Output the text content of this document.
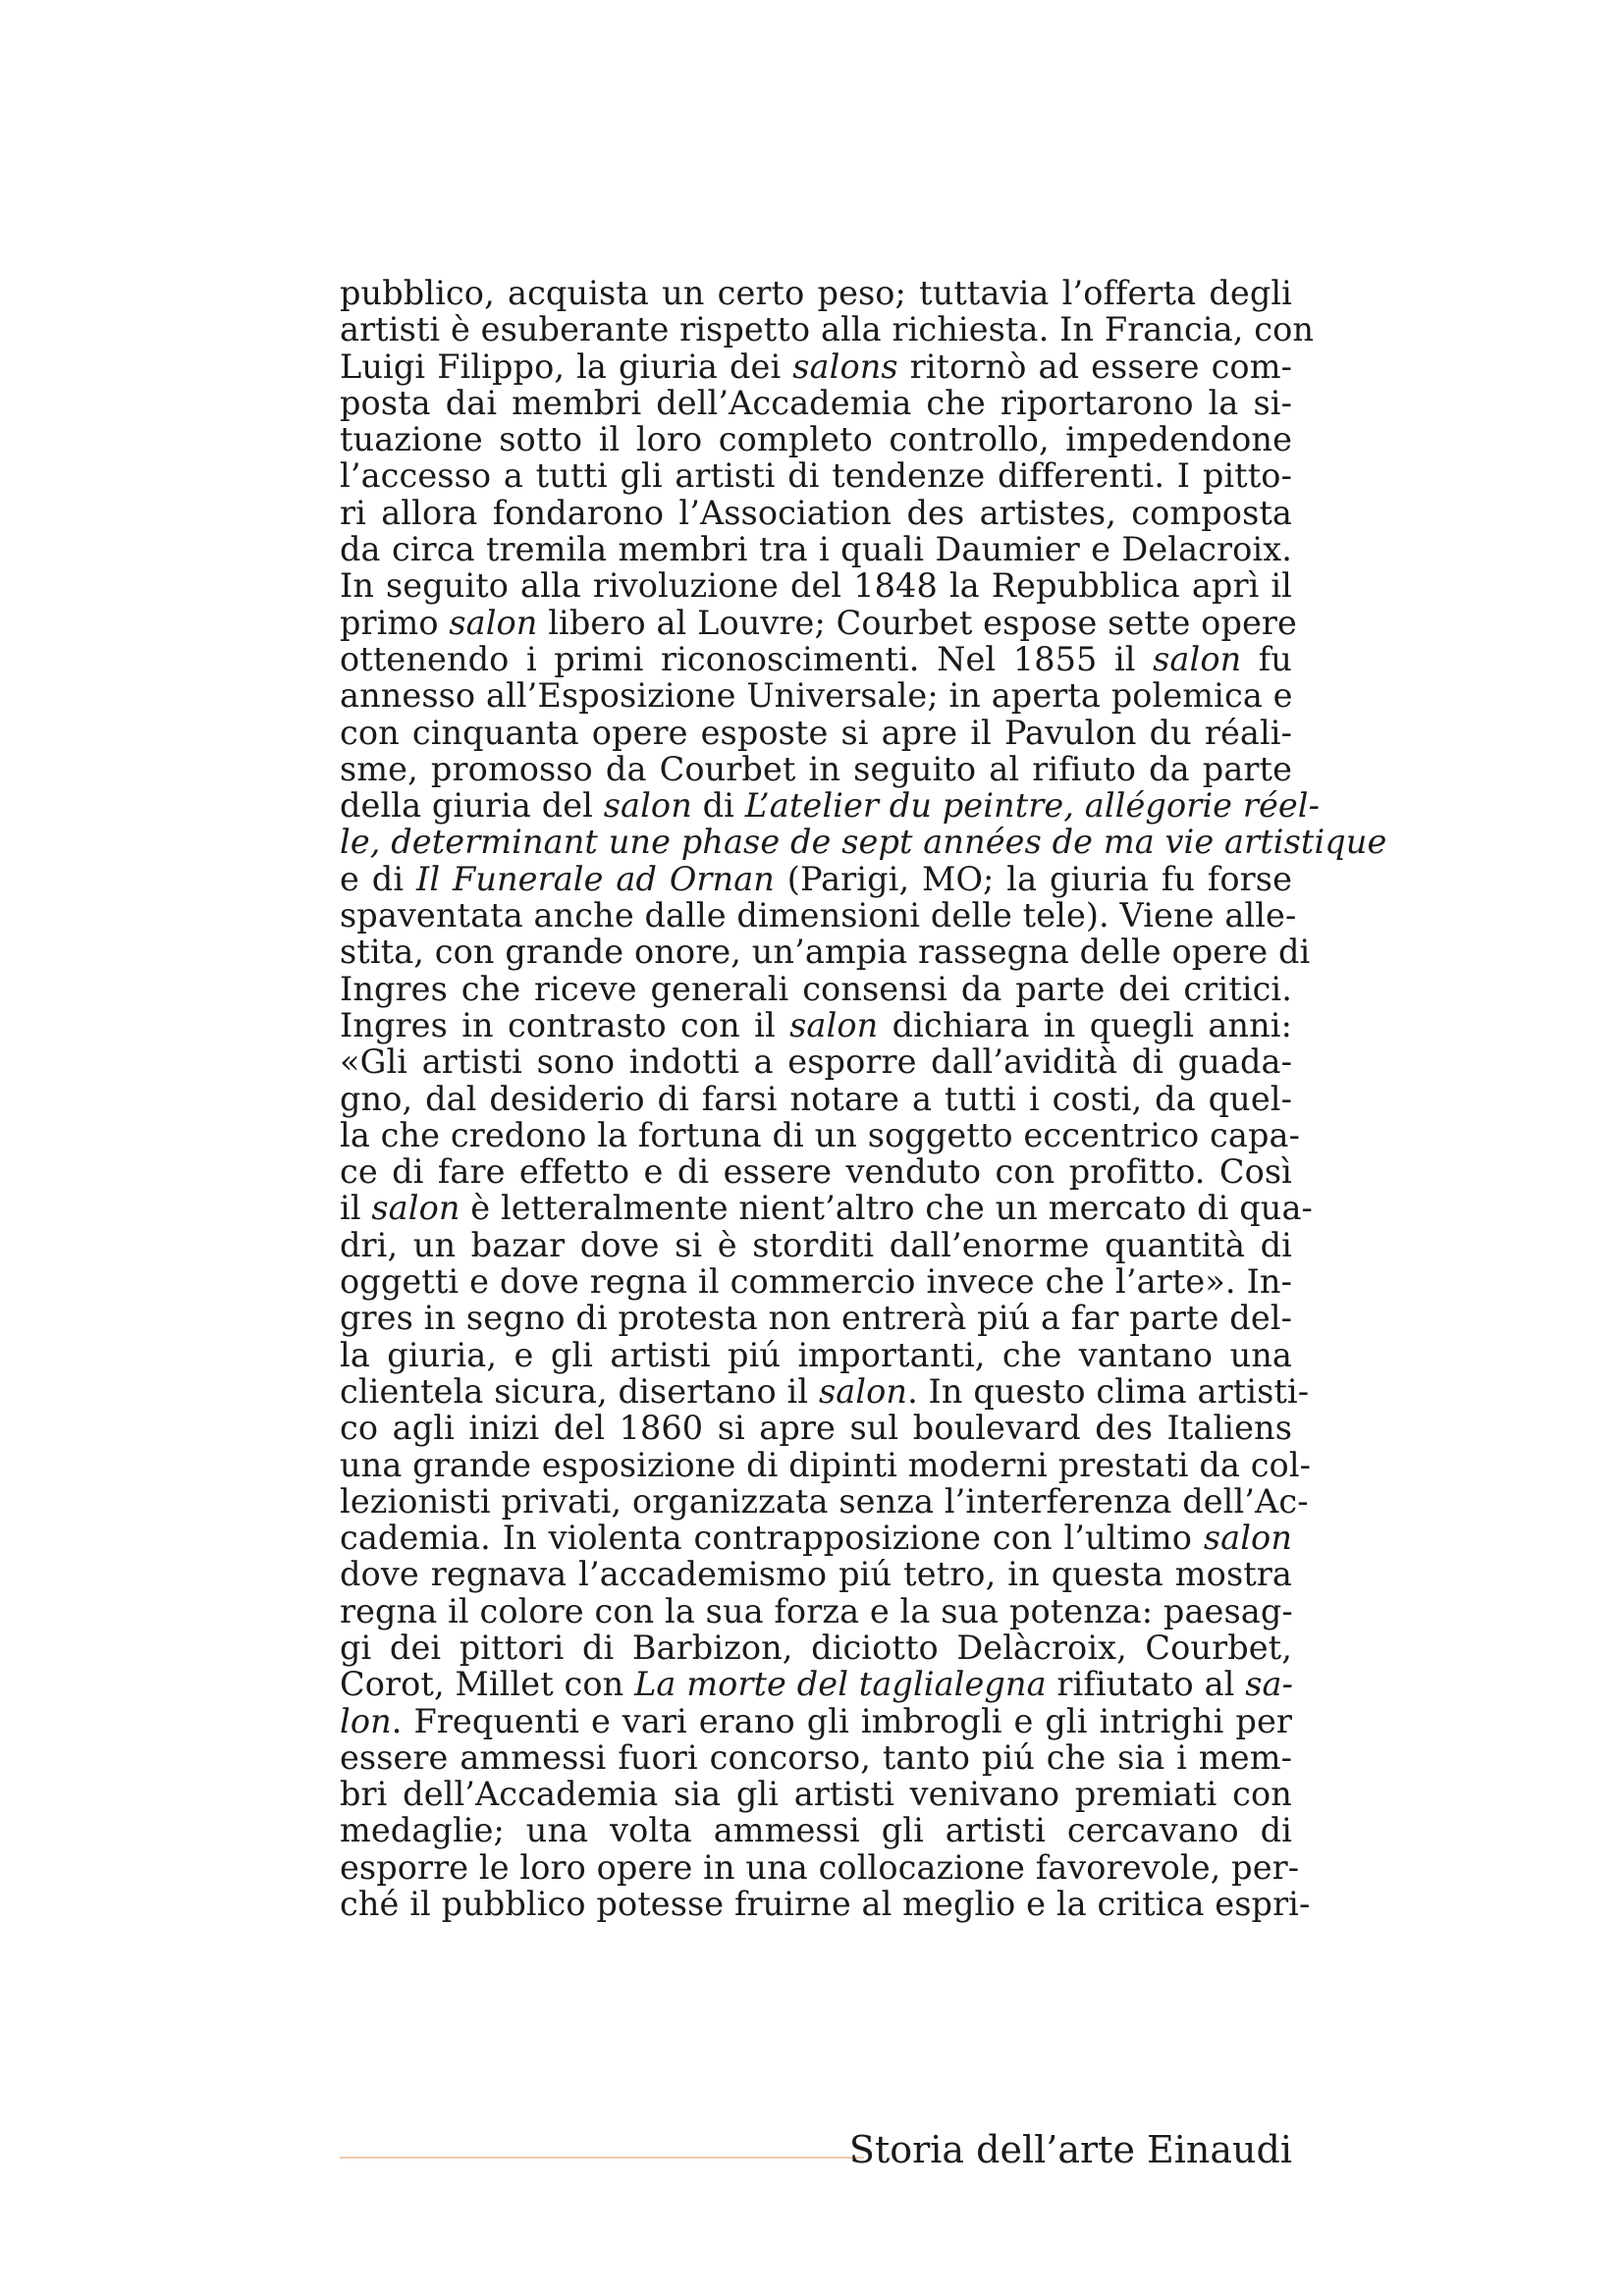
pubblico, acquista un certo peso; tuttavia l’offerta degli
artisti è esuberante rispetto alla richiesta. In Francia, con
Luigi Filippo, la giuria dei salons ritornò ad essere com-
posta dai membri dell’Accademia che riportarono la si-
tuazione sotto il loro completo controllo, impedendone
l’accesso a tutti gli artisti di tendenze differenti. I pitto-
ri allora fondarono l’Association des artistes, composta
da circa tremila membri tra i quali Daumier e Delacroix.
In seguito alla rivoluzione del 1848 la Repubblica aprì il
primo salon libero al Louvre; Courbet espose sette opere
ottenendo i primi riconoscimenti. Nel 1855 il salon fu
annesso all’Esposizione Universale; in aperta polemica e
con cinquanta opere esposte si apre il Pavulon du réali-
sme, promosso da Courbet in seguito al rifiuto da parte
della giuria del salon di L’atelier du peintre, allégorie réel-
le, determinant une phase de sept années de ma vie artistique
e di Il Funerale ad Ornan (Parigi, MO; la giuria fu forse
spaventata anche dalle dimensioni delle tele). Viene alle-
stita, con grande onore, un’ampia rassegna delle opere di
Ingres che riceve generali consensi da parte dei critici.
Ingres in contrasto con il salon dichiara in quegli anni:
«Gli artisti sono indotti a esporre dall’avidità di guada-
gno, dal desiderio di farsi notare a tutti i costi, da quel-
la che credono la fortuna di un soggetto eccentrico capa-
ce di fare effetto e di essere venduto con profitto. Così
il salon è letteralmente nient’altro che un mercato di qua-
dri, un bazar dove si è storditi dall’enorme quantità di
oggetti e dove regna il commercio invece che l’arte». In-
gres in segno di protesta non entrerà piú a far parte del-
la giuria, e gli artisti piú importanti, che vantano una
clientela sicura, disertano il salon. In questo clima artisti-
co agli inizi del 1860 si apre sul boulevard des Italiens
una grande esposizione di dipinti moderni prestati da col-
lezionisti privati, organizzata senza l’interferenza dell’Ac-
cademia. In violenta contrapposizione con l’ultimo salon
dove regnava l’accademismo piú tetro, in questa mostra
regna il colore con la sua forza e la sua potenza: paesag-
gi dei pittori di Barbizon, diciotto Delàcroix, Courbet,
Corot, Millet con La morte del taglialegna rifiutato al sa-
lon. Frequenti e vari erano gli imbrogli e gli intrighi per
essere ammessi fuori concorso, tanto piú che sia i mem-
bri dell’Accademia sia gli artisti venivano premiati con
medaglie; una volta ammessi gli artisti cercavano di
esporre le loro opere in una collocazione favorevole, per-
ché il pubblico potesse fruirne al meglio e la critica espri-
Storia dell’arte Einaudi
